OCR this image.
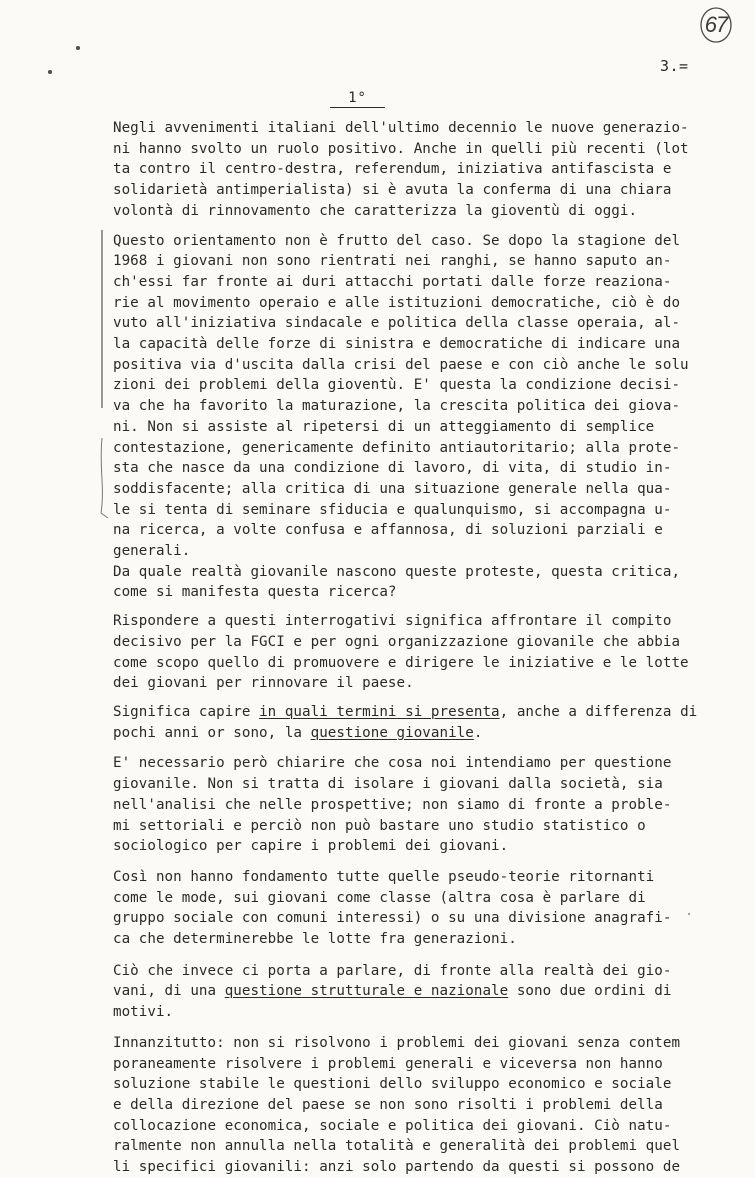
67
3.=
1°

Negli avvenimenti italiani dell'ultimo decennio le nuove generazio-
ni hanno svolto un ruolo positivo. Anche in quelli più recenti (lot
ta contro il centro-destra, referendum, iniziativa antifascista e
solidarietà antimperialista) si è avuta la conferma di una chiara
volontà di rinnovamento che caratterizza la gioventù di oggi.

Questo orientamento non è frutto del caso. Se dopo la stagione del
1968 i giovani non sono rientrati nei ranghi, se hanno saputo an-
ch'essi far fronte ai duri attacchi portati dalle forze reaziona-
rie al movimento operaio e alle istituzioni democratiche, ciò è do
vuto all'iniziativa sindacale e politica della classe operaia, al-
la capacità delle forze di sinistra e democratiche di indicare una
positiva via d'uscita dalla crisi del paese e con ciò anche le solu
zioni dei problemi della gioventù. E' questa la condizione decisi-
va che ha favorito la maturazione, la crescita politica dei giova-
ni. Non si assiste al ripetersi di un atteggiamento di semplice
contestazione, genericamente definito antiautoritario; alla prote-
sta che nasce da una condizione di lavoro, di vita, di studio in-
soddisfacente; alla critica di una situazione generale nella qua-
le si tenta di seminare sfiducia e qualunquismo, si accompagna u-
na ricerca, a volte confusa e affannosa, di soluzioni parziali e
generali.
Da quale realtà giovanile nascono queste proteste, questa critica,
come si manifesta questa ricerca?

Rispondere a questi interrogativi significa affrontare il compito
decisivo per la FGCI e per ogni organizzazione giovanile che abbia
come scopo quello di promuovere e dirigere le iniziative e le lotte
dei giovani per rinnovare il paese.

Significa capire in quali termini si presenta, anche a differenza di
pochi anni or sono, la questione giovanile.

E' necessario però chiarire che cosa noi intendiamo per questione
giovanile. Non si tratta di isolare i giovani dalla società, sia
nell'analisi che nelle prospettive; non siamo di fronte a proble-
mi settoriali e perciò non può bastare uno studio statistico o
sociologico per capire i problemi dei giovani.

Così non hanno fondamento tutte quelle pseudo-teorie ritornanti
come le mode, sui giovani come classe (altra cosa è parlare di
gruppo sociale con comuni interessi) o su una divisione anagrafi-
ca che determinerebbe le lotte fra generazioni.

Ciò che invece ci porta a parlare, di fronte alla realtà dei gio-
vani, di una questione strutturale e nazionale sono due ordini di
motivi.

Innanzitutto: non si risolvono i problemi dei giovani senza contem
poraneamente risolvere i problemi generali e viceversa non hanno
soluzione stabile le questioni dello sviluppo economico e sociale
e della direzione del paese se non sono risolti i problemi della
collocazione economica, sociale e politica dei giovani. Ciò natu-
ralmente non annulla nella totalità e generalità dei problemi quel
li specifici giovanili: anzi solo partendo da questi si possono de
